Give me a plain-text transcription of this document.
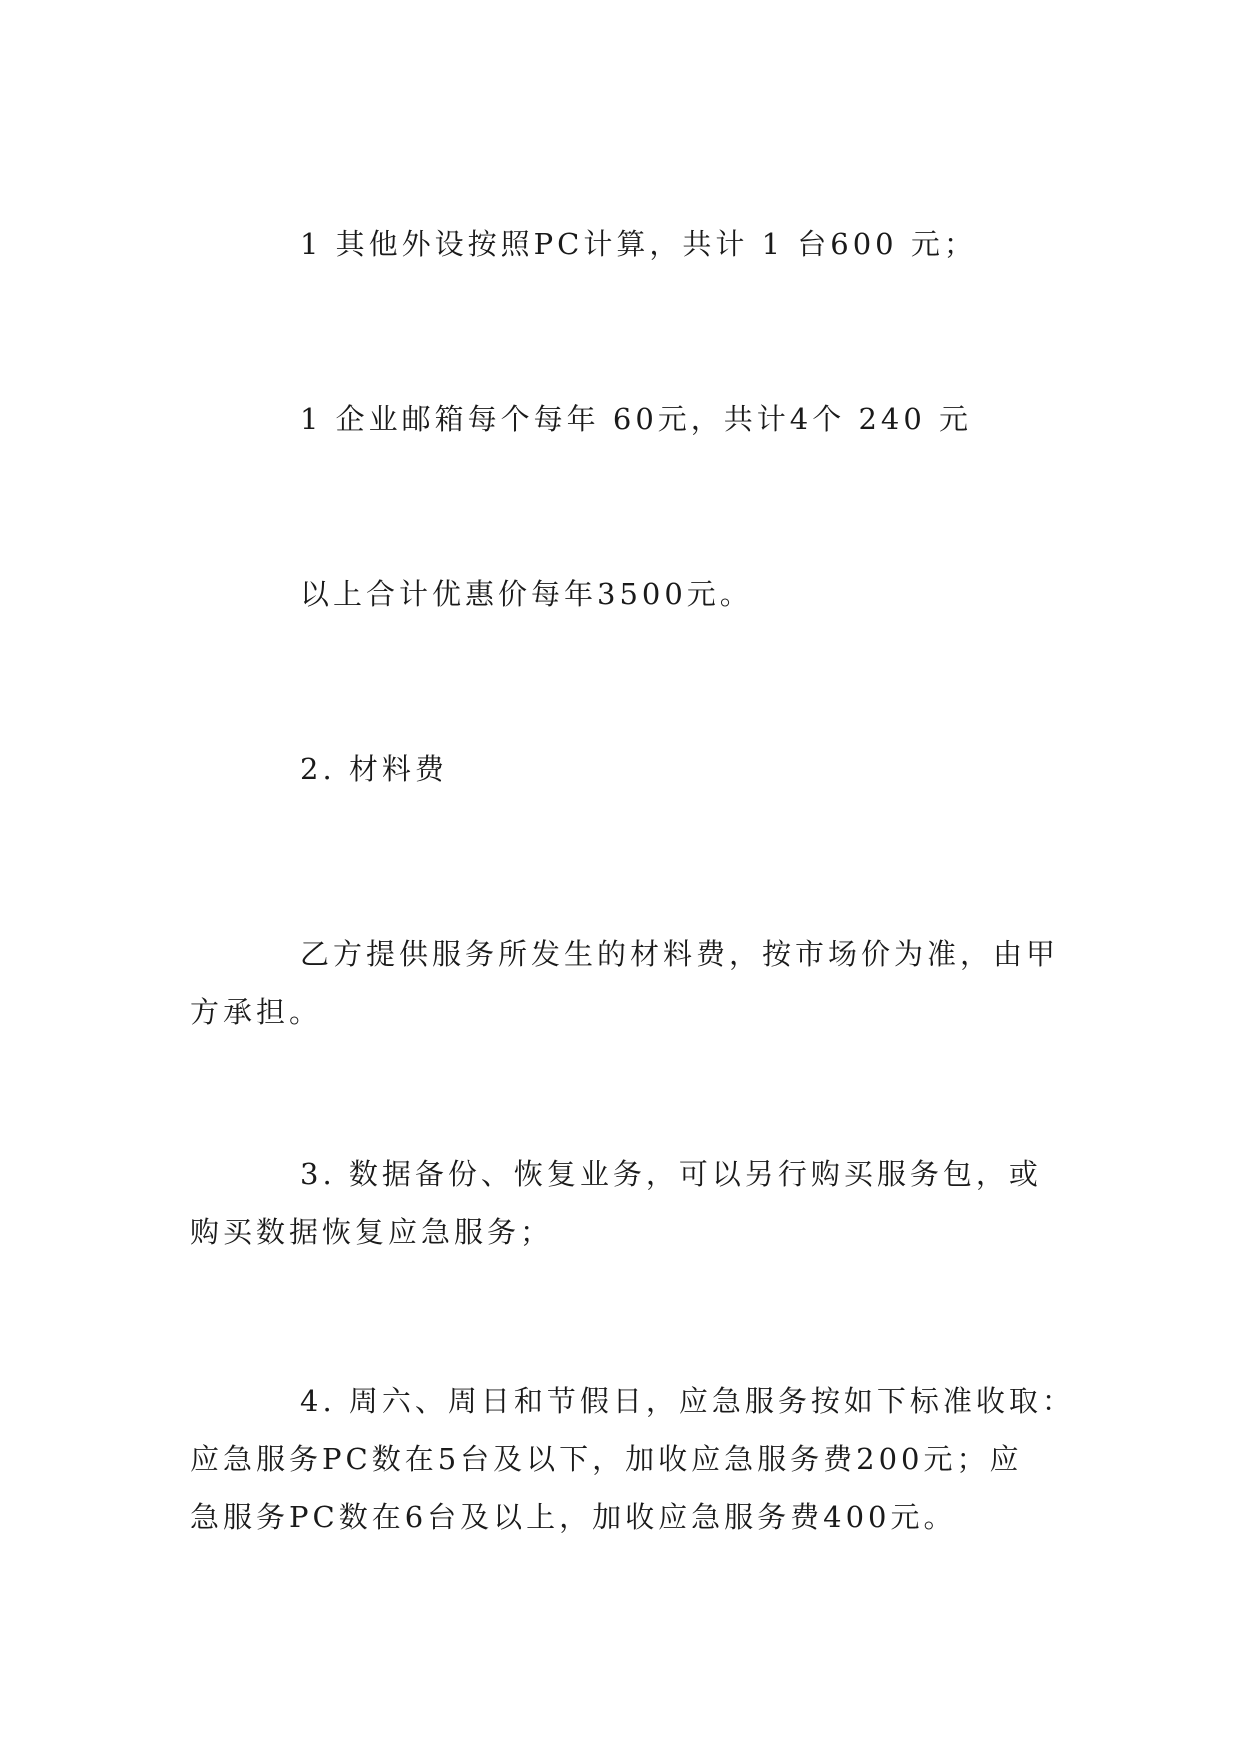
1 其他外设按照PC计算，共计 1 台600 元；

1 企业邮箱每个每年 60元，共计4个 240 元

以上合计优惠价每年3500元。

2. 材料费

乙方提供服务所发生的材料费，按市场价为准，由甲
方承担。

3. 数据备份、恢复业务，可以另行购买服务包，或
购买数据恢复应急服务；

4. 周六、周日和节假日，应急服务按如下标准收取：
应急服务PC数在5台及以下，加收应急服务费200元；应
急服务PC数在6台及以上，加收应急服务费400元。
